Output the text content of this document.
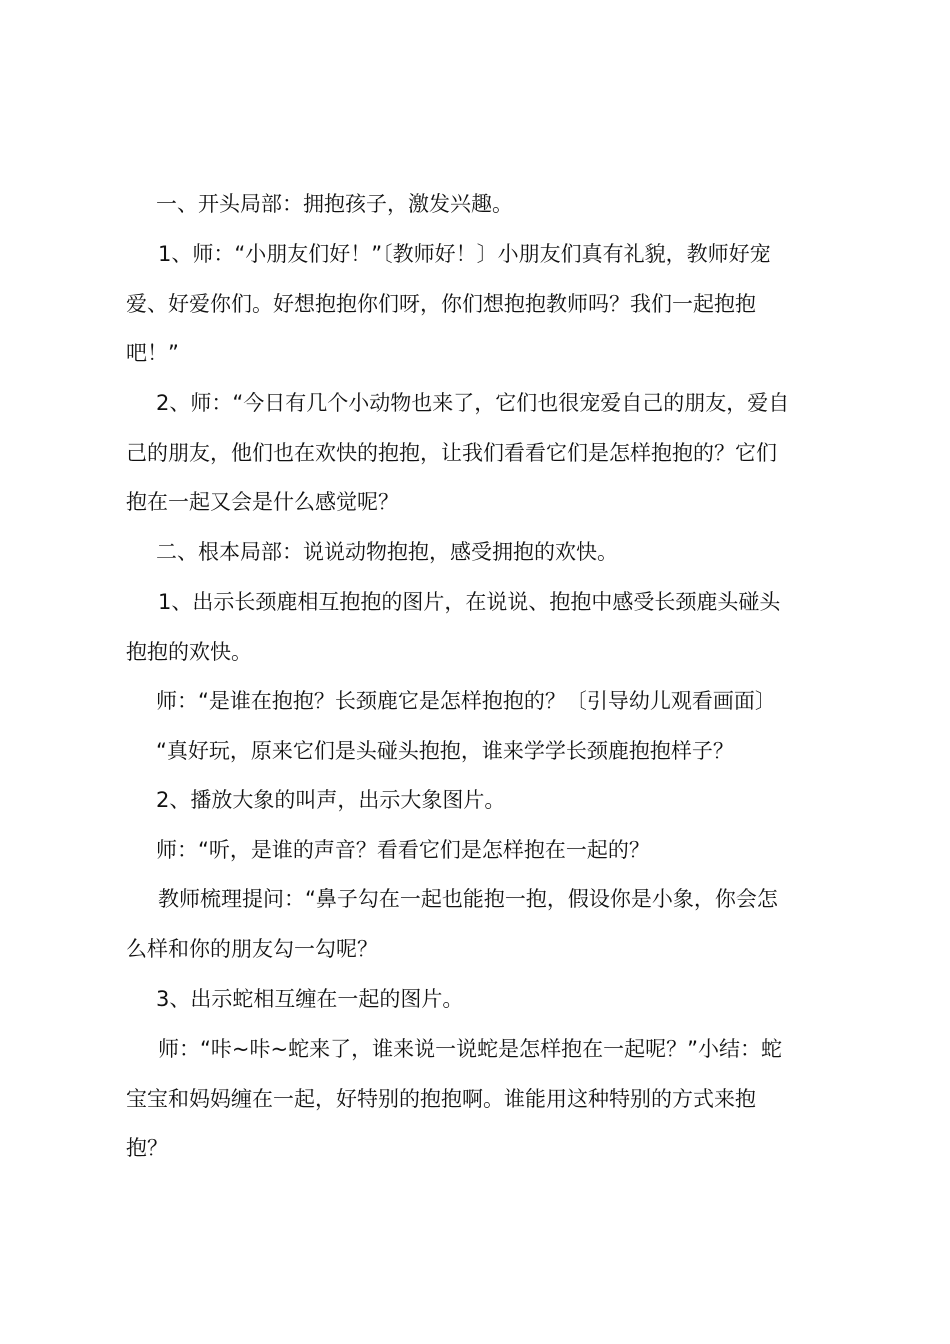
一、开头局部：拥抱孩子，激发兴趣。
1、师：“小朋友们好！”〔教师好！〕小朋友们真有礼貌，教师好宠
爱、好爱你们。好想抱抱你们呀，你们想抱抱教师吗？我们一起抱抱
吧！”
2、师：“今日有几个小动物也来了，它们也很宠爱自己的朋友，爱自
己的朋友，他们也在欢快的抱抱，让我们看看它们是怎样抱抱的？它们
抱在一起又会是什么感觉呢？
二、根本局部：说说动物抱抱，感受拥抱的欢快。
1、出示长颈鹿相互抱抱的图片，在说说、抱抱中感受长颈鹿头碰头
抱抱的欢快。
师：“是谁在抱抱？长颈鹿它是怎样抱抱的？〔引导幼儿观看画面〕
“真好玩，原来它们是头碰头抱抱，谁来学学长颈鹿抱抱样子？
2、播放大象的叫声，出示大象图片。
师：“听，是谁的声音？看看它们是怎样抱在一起的？
教师梳理提问：“鼻子勾在一起也能抱一抱，假设你是小象，你会怎
么样和你的朋友勾一勾呢？
3、出示蛇相互缠在一起的图片。
师：“咔~咔~蛇来了，谁来说一说蛇是怎样抱在一起呢？”小结：蛇
宝宝和妈妈缠在一起，好特别的抱抱啊。谁能用这种特别的方式来抱
抱？
